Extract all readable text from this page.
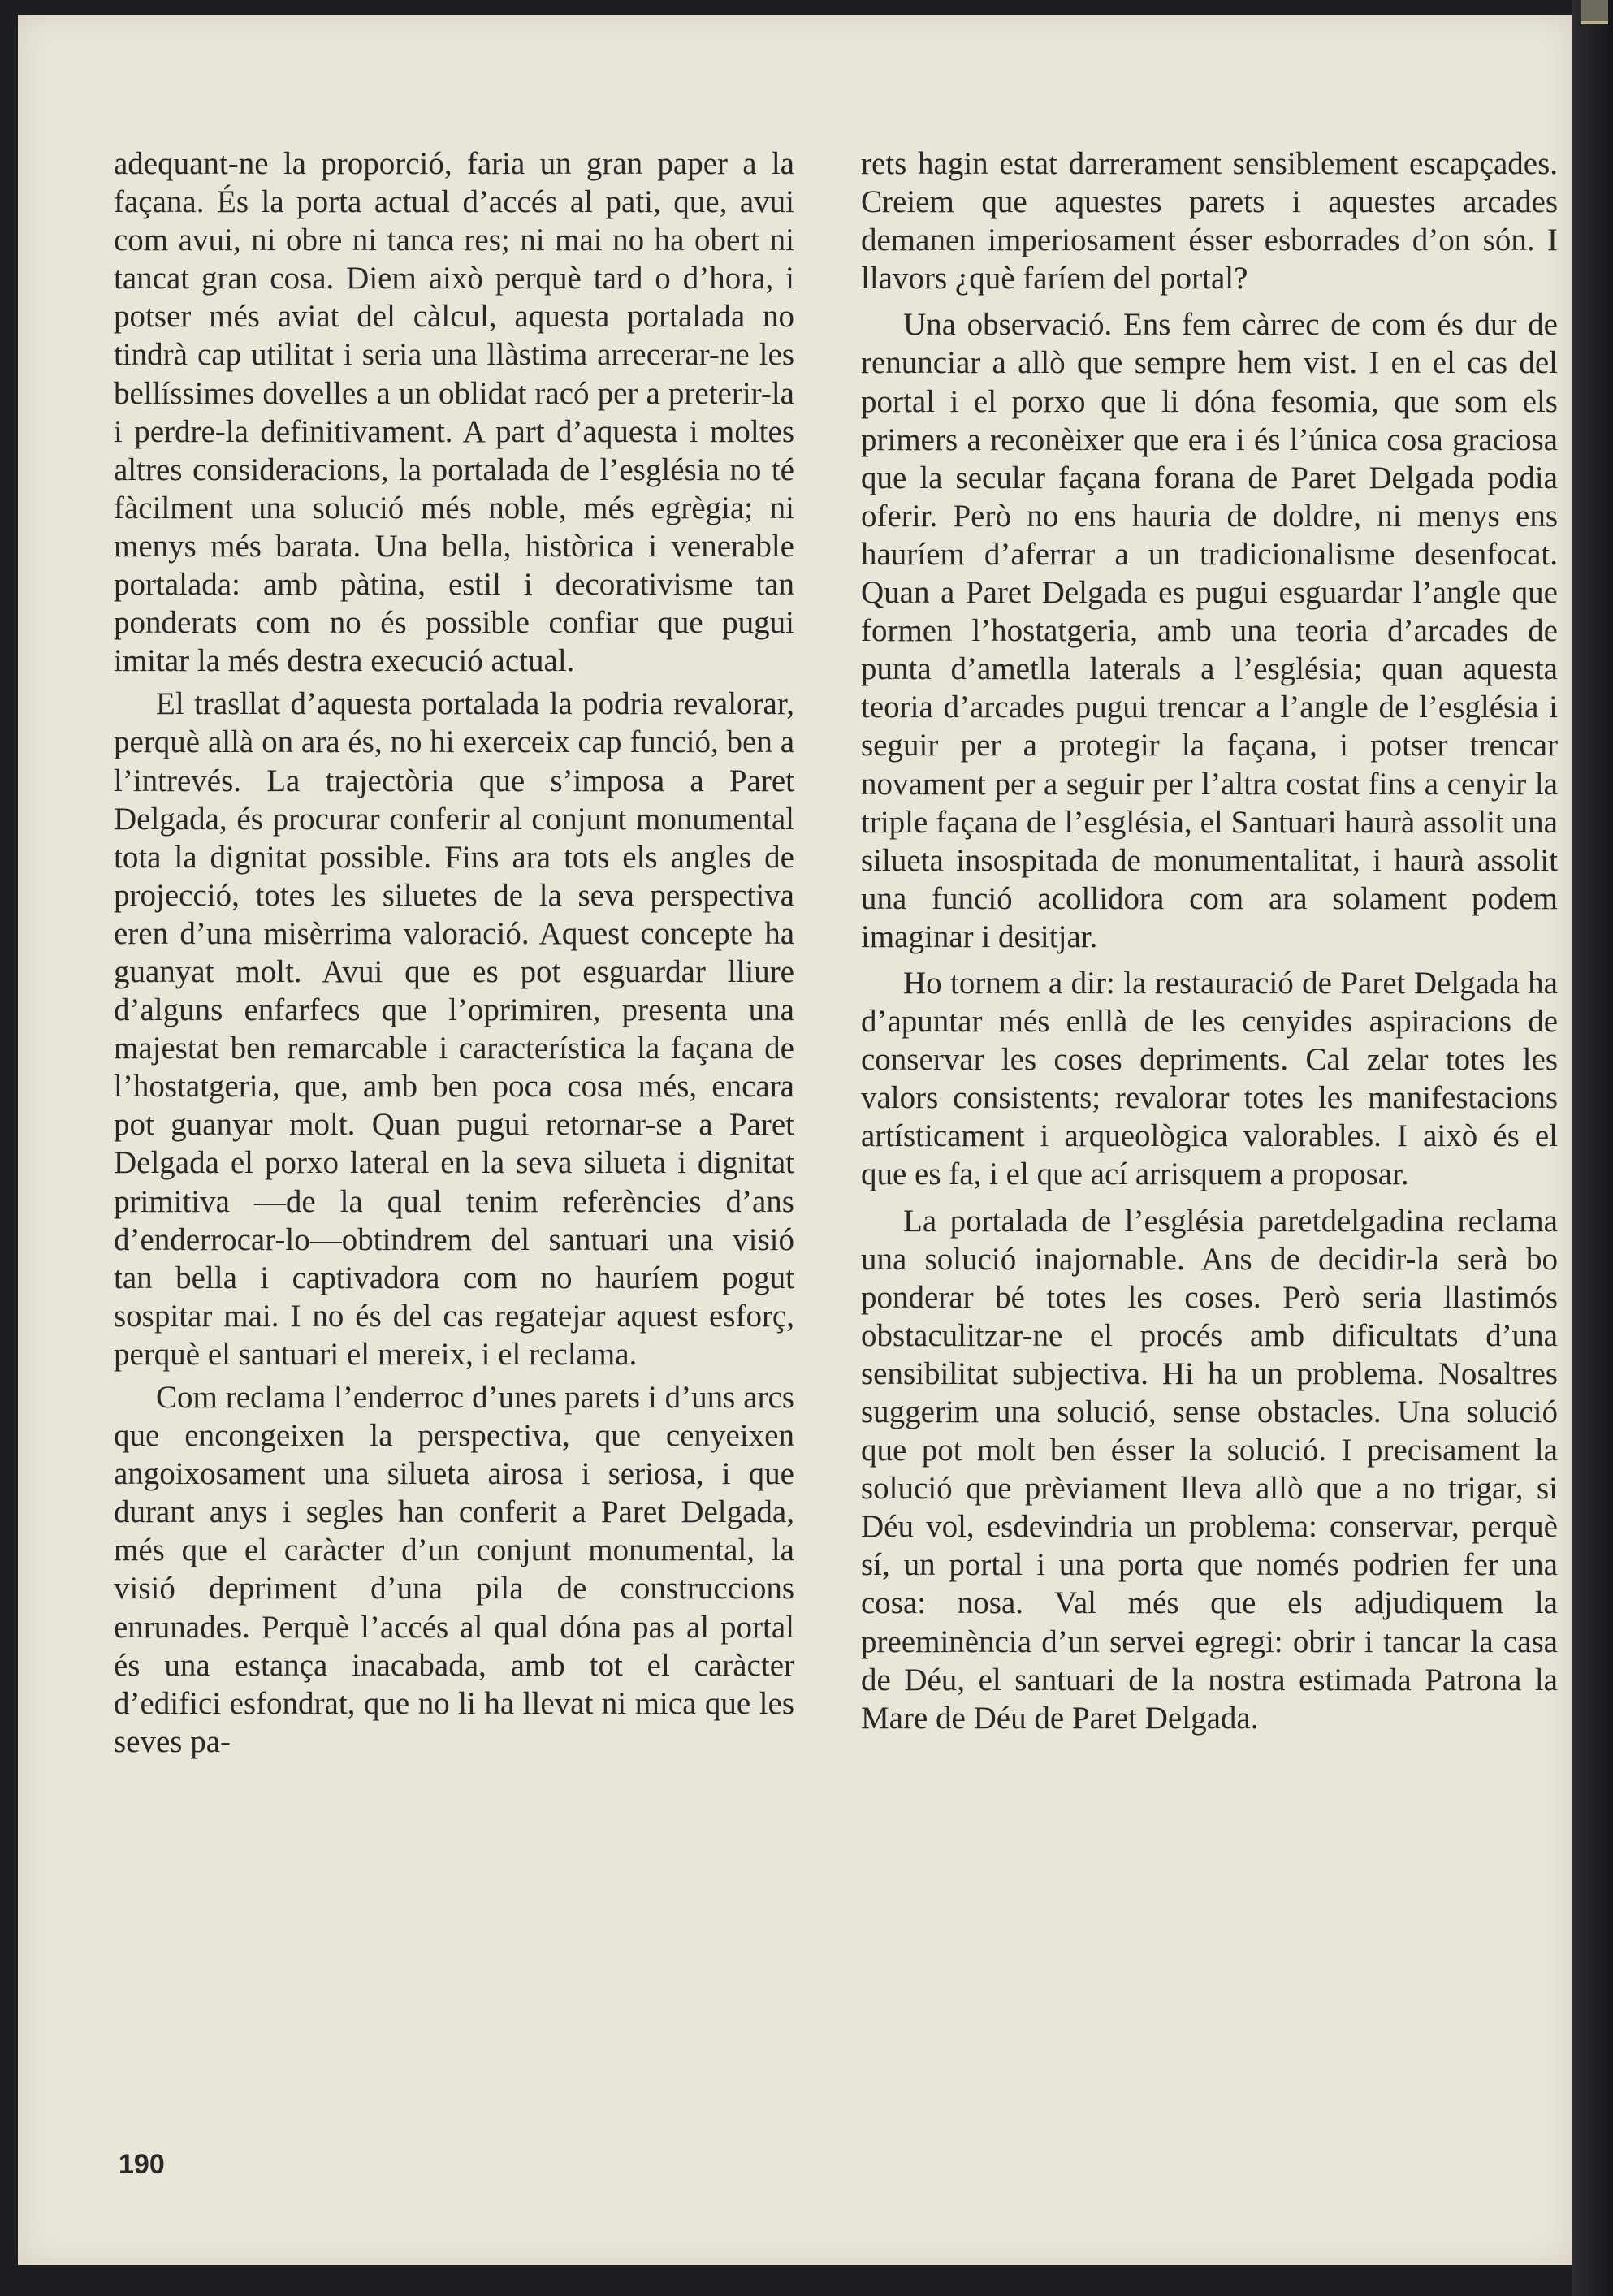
adequant-ne la proporció, faria un gran paper a la façana. És la porta actual d’accés al pati, que, avui com avui, ni obre ni tanca res; ni mai no ha obert ni tancat gran cosa. Diem això perquè tard o d’hora, i potser més aviat del càlcul, aquesta portalada no tindrà cap utilitat i seria una llàstima arrecerar-ne les bellíssimes dovelles a un oblidat racó per a preterir-la i perdre-la definitivament. A part d’aquesta i moltes altres consideracions, la portalada de l’església no té fàcilment una solució més noble, més egrègia; ni menys més barata. Una bella, històrica i venerable portalada: amb pàtina, estil i decorativisme tan ponderats com no és possible confiar que pugui imitar la més destra execució actual.

El trasllat d’aquesta portalada la podria revalorar, perquè allà on ara és, no hi exerceix cap funció, ben a l’intrevés. La trajectòria que s’imposa a Paret Delgada, és procurar conferir al conjunt monumental tota la dignitat possible. Fins ara tots els angles de projecció, totes les siluetes de la seva perspectiva eren d’una misèrrima valoració. Aquest concepte ha guanyat molt. Avui que es pot esguardar lliure d’alguns enfarfecs que l’oprimiren, presenta una majestat ben remarcable i característica la façana de l’hostatgeria, que, amb ben poca cosa més, encara pot guanyar molt. Quan pugui retornar-se a Paret Delgada el porxo lateral en la seva silueta i dignitat primitiva —de la qual tenim referències d’ans d’enderrocar-lo—obtindrem del santuari una visió tan bella i captivadora com no hauríem pogut sospitar mai. I no és del cas regatejar aquest esforç, perquè el santuari el mereix, i el reclama.

Com reclama l’enderroc d’unes parets i d’uns arcs que encongeixen la perspectiva, que cenyeixen angoixosament una silueta airosa i seriosa, i que durant anys i segles han conferit a Paret Delgada, més que el caràcter d’un conjunt monumental, la visió depriment d’una pila de construccions enrunades. Perquè l’accés al qual dóna pas al portal és una estança inacabada, amb tot el caràcter d’edifici esfondrat, que no li ha llevat ni mica que les seves pa-

rets hagin estat darrerament sensiblement escapçades. Creiem que aquestes parets i aquestes arcades demanen imperiosament ésser esborrades d’on són. I llavors ¿què faríem del portal?

Una observació. Ens fem càrrec de com és dur de renunciar a allò que sempre hem vist. I en el cas del portal i el porxo que li dóna fesomia, que som els primers a reconèixer que era i és l’única cosa graciosa que la secular façana forana de Paret Delgada podia oferir. Però no ens hauria de doldre, ni menys ens hauríem d’aferrar a un tradicionalisme desenfocat. Quan a Paret Delgada es pugui esguardar l’angle que formen l’hostatgeria, amb una teoria d’arcades de punta d’ametlla laterals a l’església; quan aquesta teoria d’arcades pugui trencar a l’angle de l’església i seguir per a protegir la façana, i potser trencar novament per a seguir per l’altra costat fins a cenyir la triple façana de l’església, el Santuari haurà assolit una silueta insospitada de monumentalitat, i haurà assolit una funció acollidora com ara solament podem imaginar i desitjar.

Ho tornem a dir: la restauració de Paret Delgada ha d’apuntar més enllà de les cenyides aspiracions de conservar les coses depriments. Cal zelar totes les valors consistents; revalorar totes les manifestacions artísticament i arqueològica valorables. I això és el que es fa, i el que ací arrisquem a proposar.

La portalada de l’església paretdelgadina reclama una solució inajornable. Ans de decidir-la serà bo ponderar bé totes les coses. Però seria llastimós obstaculitzar-ne el procés amb dificultats d’una sensibilitat subjectiva. Hi ha un problema. Nosaltres suggerim una solució, sense obstacles. Una solució que pot molt ben ésser la solució. I precisament la solució que prèviament lleva allò que a no trigar, si Déu vol, esdevindria un problema: conservar, perquè sí, un portal i una porta que només podrien fer una cosa: nosa. Val més que els adjudiquem la preeminència d’un servei egregi: obrir i tancar la casa de Déu, el santuari de la nostra estimada Patrona la Mare de Déu de Paret Delgada.

190
